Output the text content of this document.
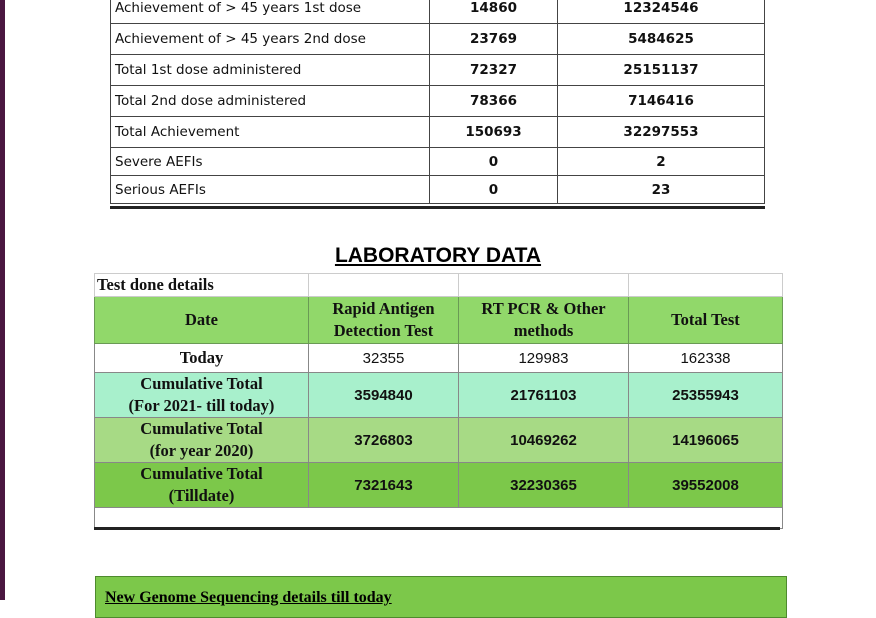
Achievement of > 45 years 1st dose	14860	12324546
Achievement of > 45 years 2nd dose	23769	5484625
Total 1st dose administered	72327	25151137
Total 2nd dose administered	78366	7146416
Total Achievement	150693	32297553
Severe AEFIs	0	2
Serious AEFIs	0	23
LABORATORY DATA
Test done details			
Date	Rapid Antigen Detection Test	RT PCR & Other methods	Total Test
Today	32355	129983	162338

Cumulative Total
(For 2021- till today)	3594840	21761103	25355943

Cumulative Total
(for year 2020)	3726803	10469262	14196065

Cumulative Total
(Tilldate)	7321643	32230365	39552008

New Genome Sequencing details till today
